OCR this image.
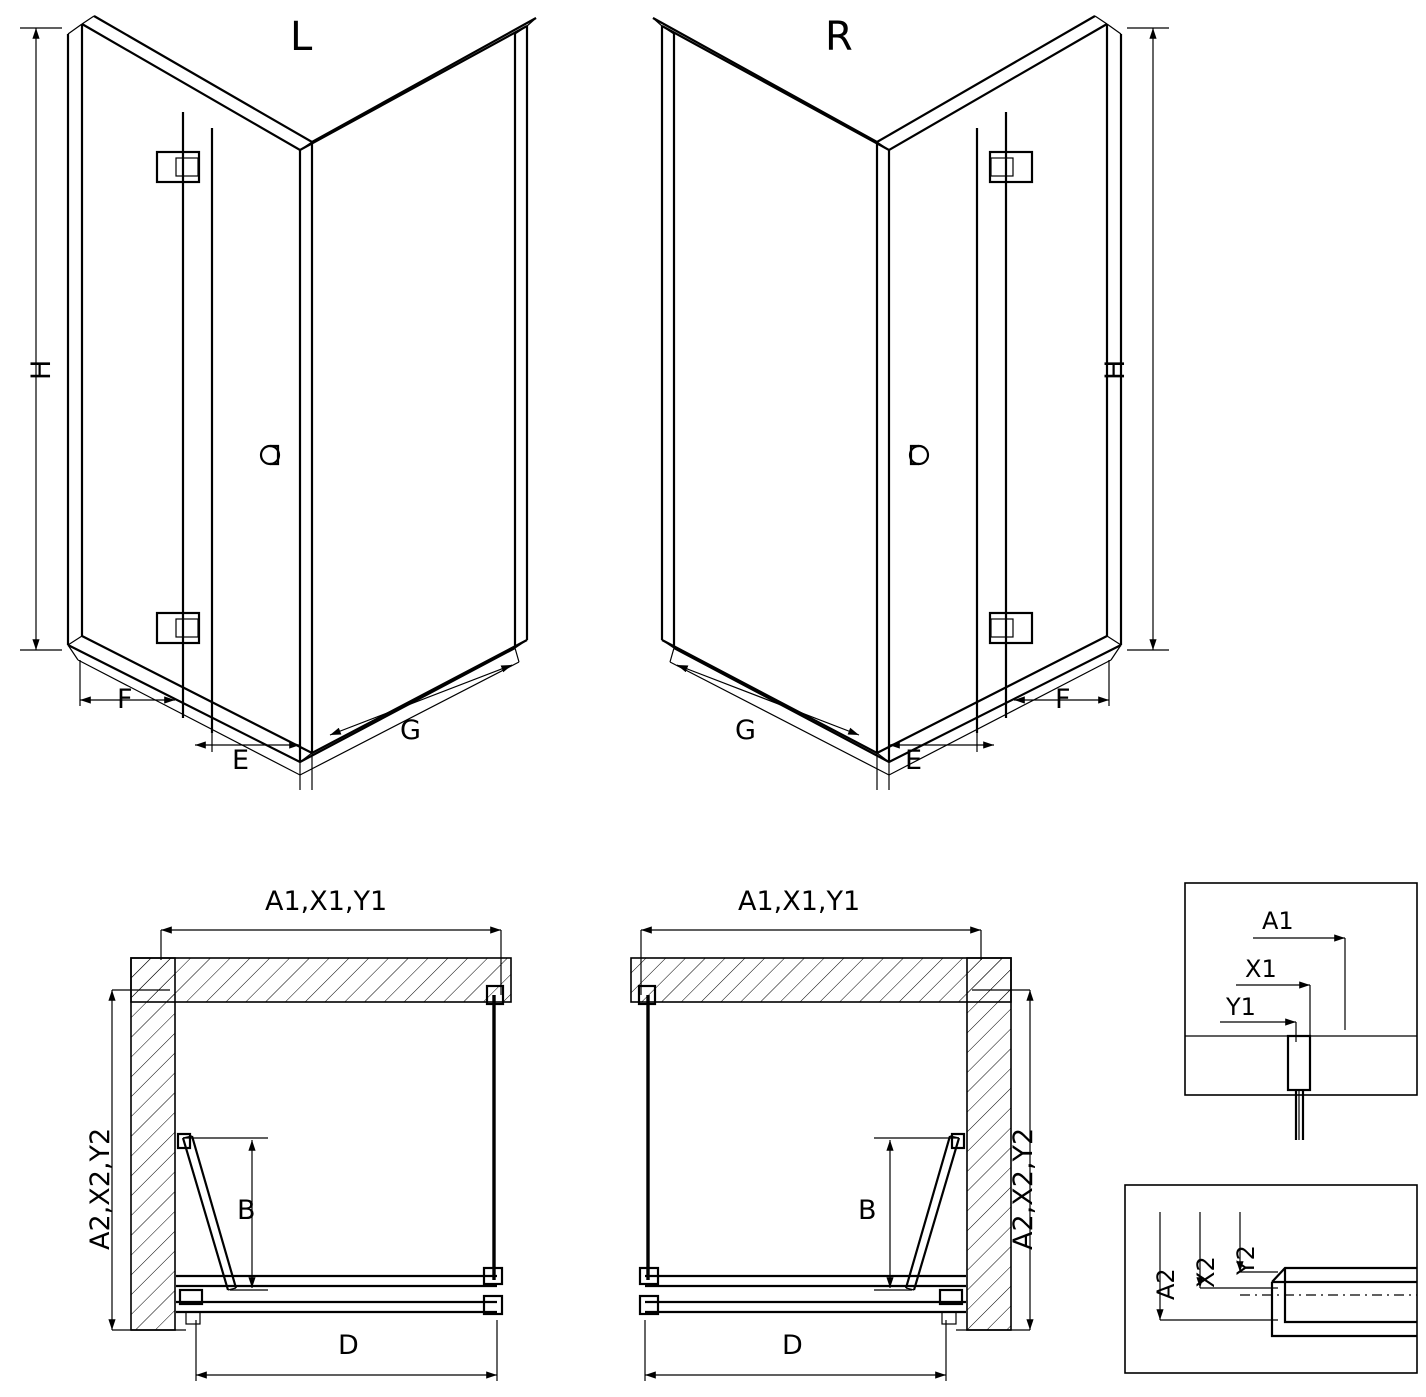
L
H
F
E
G
R
H
F
E
G
A1,X1,Y1
A2,X2,Y2	B
D
A1,X1,Y1
A2,X2,Y2
B
D
A1
X1
Y1
A2 X2 Y2
